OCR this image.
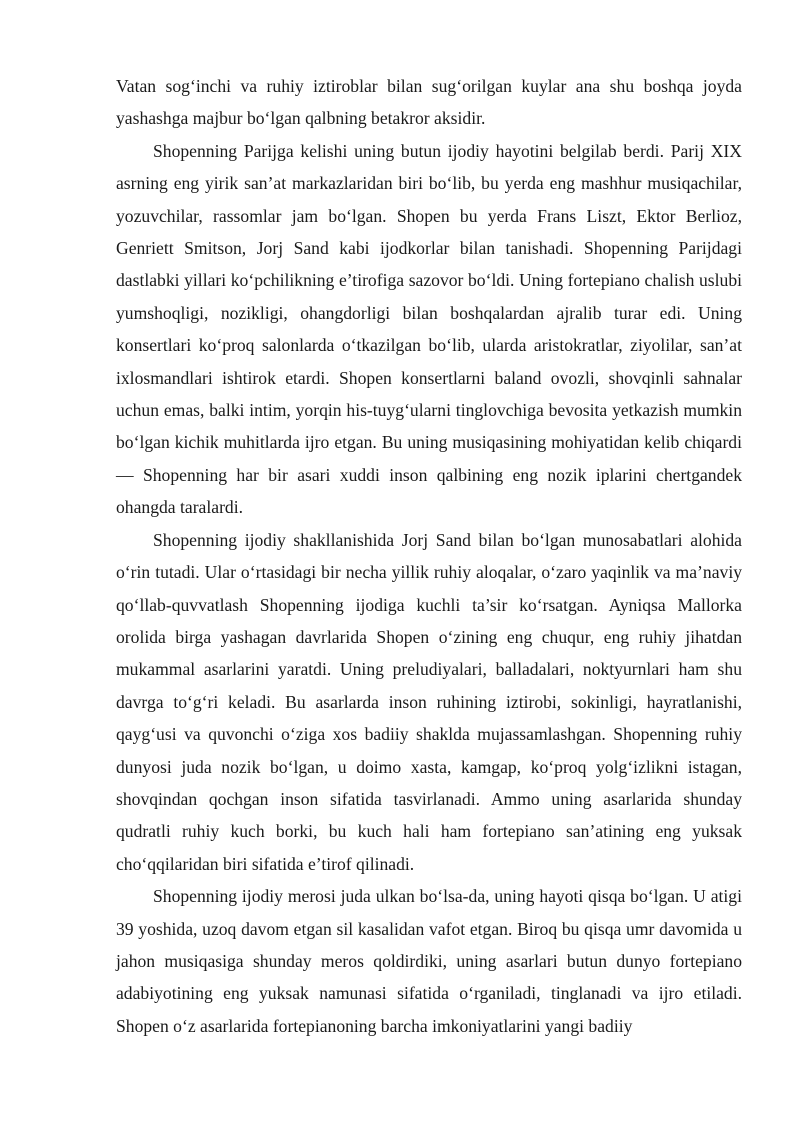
Vatan sog‘inchi va ruhiy iztiroblar bilan sug‘orilgan kuylar ana shu boshqa joyda yashashga majbur bo‘lgan qalbning betakror aksidir.

Shopenning Parijga kelishi uning butun ijodiy hayotini belgilab berdi. Parij XIX asrning eng yirik san’at markazlaridan biri bo‘lib, bu yerda eng mashhur musiqachilar, yozuvchilar, rassomlar jam bo‘lgan. Shopen bu yerda Frans Liszt, Ektor Berlioz, Genriett Smitson, Jorj Sand kabi ijodkorlar bilan tanishadi. Shopenning Parijdagi dastlabki yillari ko‘pchilikning e’tirofiga sazovor bo‘ldi. Uning fortepiano chalish uslubi yumshoqligi, nozikligi, ohangdorligi bilan boshqalardan ajralib turar edi. Uning konsertlari ko‘proq salonlarda o‘tkazilgan bo‘lib, ularda aristokratlar, ziyolilar, san’at ixlosmandlari ishtirok etardi. Shopen konsertlarni baland ovozli, shovqinli sahnalar uchun emas, balki intim, yorqin his-tuyg‘ularni tinglovchiga bevosita yetkazish mumkin bo‘lgan kichik muhitlarda ijro etgan. Bu uning musiqasining mohiyatidan kelib chiqardi — Shopenning har bir asari xuddi inson qalbining eng nozik iplarini chertgandek ohangda taralardi.

Shopenning ijodiy shakllanishida Jorj Sand bilan bo‘lgan munosabatlari alohida o‘rin tutadi. Ular o‘rtasidagi bir necha yillik ruhiy aloqalar, o‘zaro yaqinlik va ma’naviy qo‘llab-quvvatlash Shopenning ijodiga kuchli ta’sir ko‘rsatgan. Ayniqsa Mallorka orolida birga yashagan davrlarida Shopen o‘zining eng chuqur, eng ruhiy jihatdan mukammal asarlarini yaratdi. Uning preludiyalari, balladalari, noktyurnlari ham shu davrga to‘g‘ri keladi. Bu asarlarda inson ruhining iztirobi, sokinligi, hayratlanishi, qayg‘usi va quvonchi o‘ziga xos badiiy shaklda mujassamlashgan. Shopenning ruhiy dunyosi juda nozik bo‘lgan, u doimo xasta, kamgap, ko‘proq yolg‘izlikni istagan, shovqindan qochgan inson sifatida tasvirlanadi. Ammo uning asarlarida shunday qudratli ruhiy kuch borki, bu kuch hali ham fortepiano san’atining eng yuksak cho‘qqilaridan biri sifatida e’tirof qilinadi.

Shopenning ijodiy merosi juda ulkan bo‘lsa-da, uning hayoti qisqa bo‘lgan. U atigi 39 yoshida, uzoq davom etgan sil kasalidan vafot etgan. Biroq bu qisqa umr davomida u jahon musiqasiga shunday meros qoldirdiki, uning asarlari butun dunyo fortepiano adabiyotining eng yuksak namunasi sifatida o‘rganiladi, tinglanadi va ijro etiladi. Shopen o‘z asarlarida fortepianoning barcha imkoniyatlarini yangi badiiy
